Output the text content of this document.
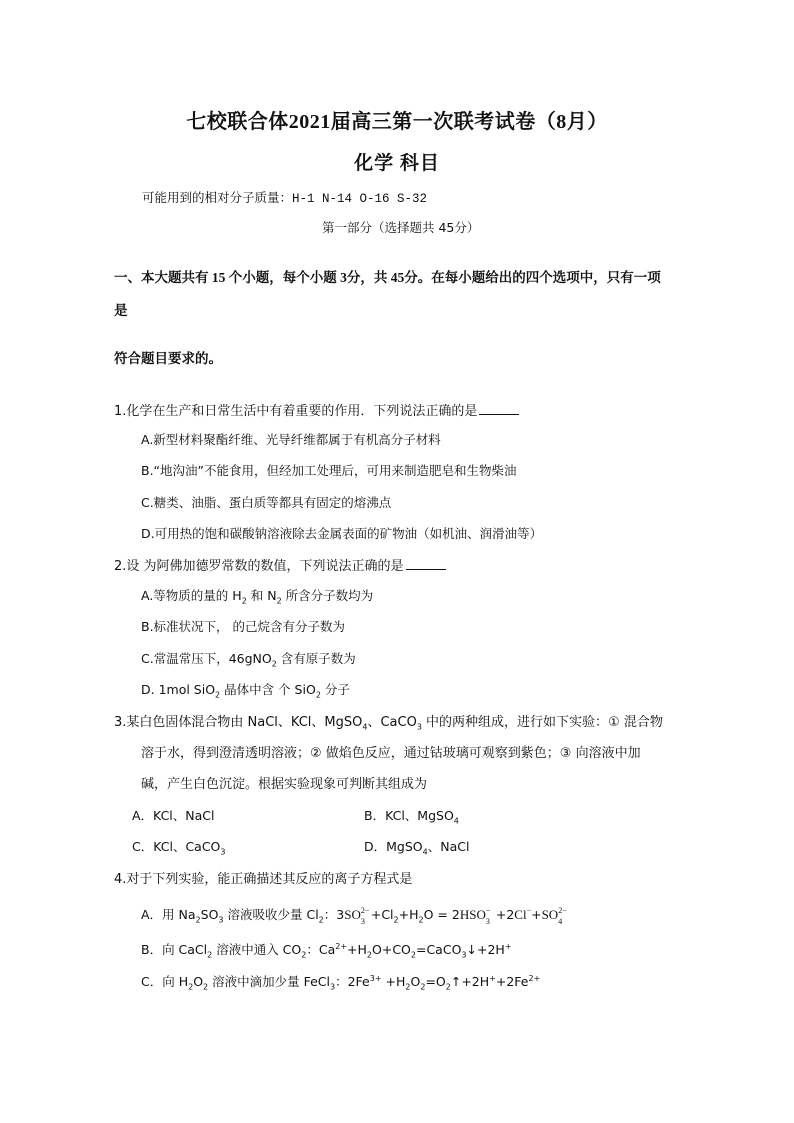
七校联合体2021届高三第一次联考试卷（8月）
化学 科目
可能用到的相对分子质量：H-1 N-14 O-16 S-32
第一部分（选择题共 45分）
一、本大题共有 15 个小题，每个小题 3分，共 45分。在每小题给出的四个选项中，只有一项
是
符合题目要求的。
1.化学在生产和日常生活中有着重要的作用．下列说法正确的是
A.新型材料聚酯纤维、光导纤维都属于有机高分子材料
B.“地沟油”不能食用，但经加工处理后，可用来制造肥皂和生物柴油
C.糖类、油脂、蛋白质等都具有固定的熔沸点
D.可用热的饱和碳酸钠溶液除去金属表面的矿物油（如机油、润滑油等）
2.设 为阿佛加德罗常数的数值，下列说法正确的是
A.等物质的量的 $H_2$ 和 $N_2$ 所含分子数均为
B.标准状况下， 的己烷含有分子数为
C.常温常压下，46gNO$_2$ 含有原子数为
D. 1mol SiO$_2$ 晶体中含 个 SiO$_2$ 分子
3.某白色固体混合物由 NaCl、KCl、MgSO$_4$、CaCO$_3$ 中的两种组成，进行如下实验：① 混合物
溶于水，得到澄清透明溶液；② 做焰色反应，通过钴玻璃可观察到紫色；③ 向溶液中加
碱，产生白色沉淀。根据实验现象可判断其组成为
A．KCl、NaCl	B．KCl、MgSO$_4$
C．KCl、CaCO$_3$	D．MgSO$_4$、NaCl
4.对于下列实验，能正确描述其反应的离子方程式是
A．用 $Na_2SO_3$ 溶液吸收少量 $Cl_2$：3SO 2−
$3 +Cl_2+H_2O = 2HSO$ −
3 +2Cl−+SO 2−
4
B．向 CaCl$_2$ 溶液中通入 $CO_2$：$Ca^{2+}+H_2O+CO_2=CaCO_3↓+2H^+$
C．向 $H_2O_2$ 溶液中滴加少量 FeCl$_3$：$2Fe^{3+}$ $+H_2O_2=O_2↑+2H^++2Fe^{2+}$
